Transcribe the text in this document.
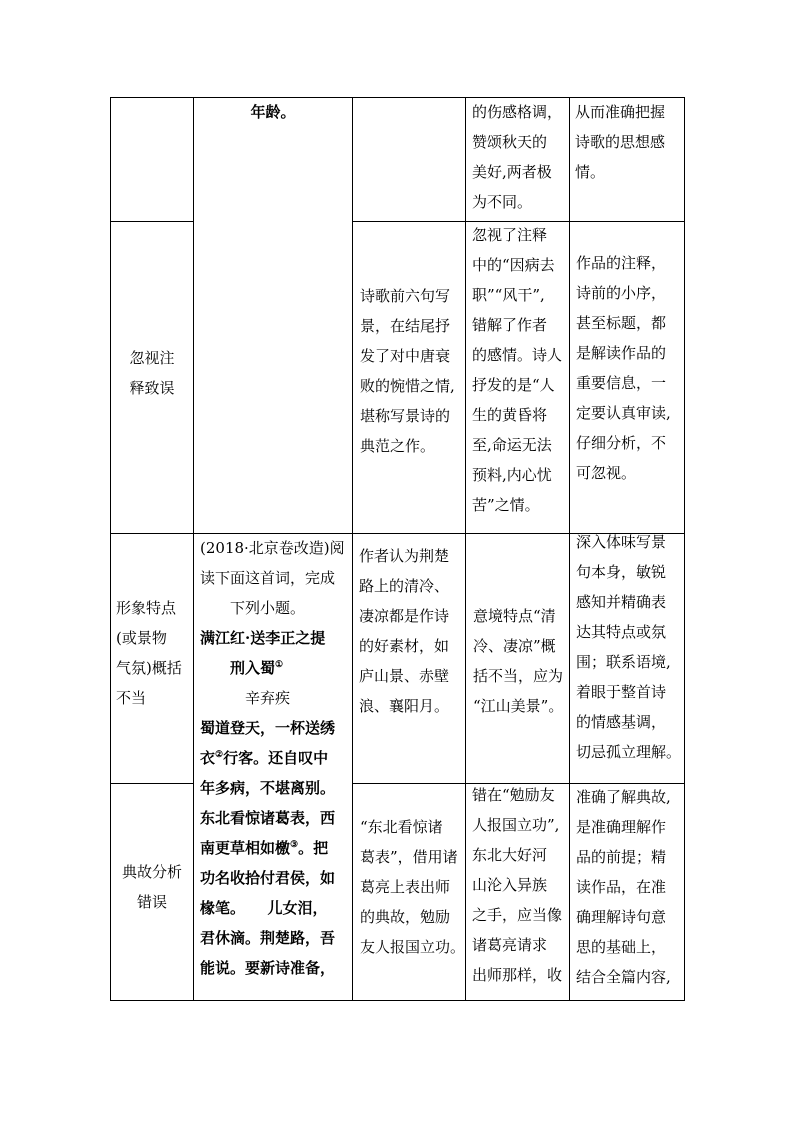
年龄。	的伤感格调，
赞颂秋天的
美好,两者极
为不同。
从而准确把握
诗歌的思想感
情。
忽视注
释致误
诗歌前六句写
景，在结尾抒
发了对中唐衰
败的惋惜之情,
堪称写景诗的
典范之作。
忽视了注释
中的“因病去
职”“风干”,
错解了作者
的感情。诗人
抒发的是“人
生的黄昏将
至,命运无法
预料,内心忧
苦”之情。
作品的注释，
诗前的小序，
甚至标题，都
是解读作品的
重要信息，一
定要认真审读,
仔细分析，不
可忽视。
(2018·北京卷改造)阅
读下面这首词，完成
下列小题。
满江红·送李正之提
刑入蜀①
辛弃疾
蜀道登天，一杯送绣
衣②行客。还自叹中
年多病，不堪离别。
东北看惊诸葛表，西
南更草相如檄③。把
功名收拾付君侯，如
椽笔。　　儿女泪，
君休滴。荆楚路，吾
能说。要新诗准备，
形象特点
(或景物
气氛)概括
不当
作者认为荆楚
路上的清冷、
凄凉都是作诗
的好素材，如
庐山景、赤壁
浪、襄阳月。
意境特点“清
冷、凄凉”概
括不当，应为
“江山美景”。
深入体味写景
句本身，敏锐
感知并精确表
达其特点或氛
围；联系语境,
着眼于整首诗
的情感基调，
切忌孤立理解。
典故分析
错误
“东北看惊诸
葛表”，借用诸
葛亮上表出师
的典故，勉励
友人报国立功。
错在“勉励友
人报国立功”,
东北大好河
山沦入异族
之手，应当像
诸葛亮请求
出师那样，收
准确了解典故,
是准确理解作
品的前提；精
读作品，在准
确理解诗句意
思的基础上，
结合全篇内容,
